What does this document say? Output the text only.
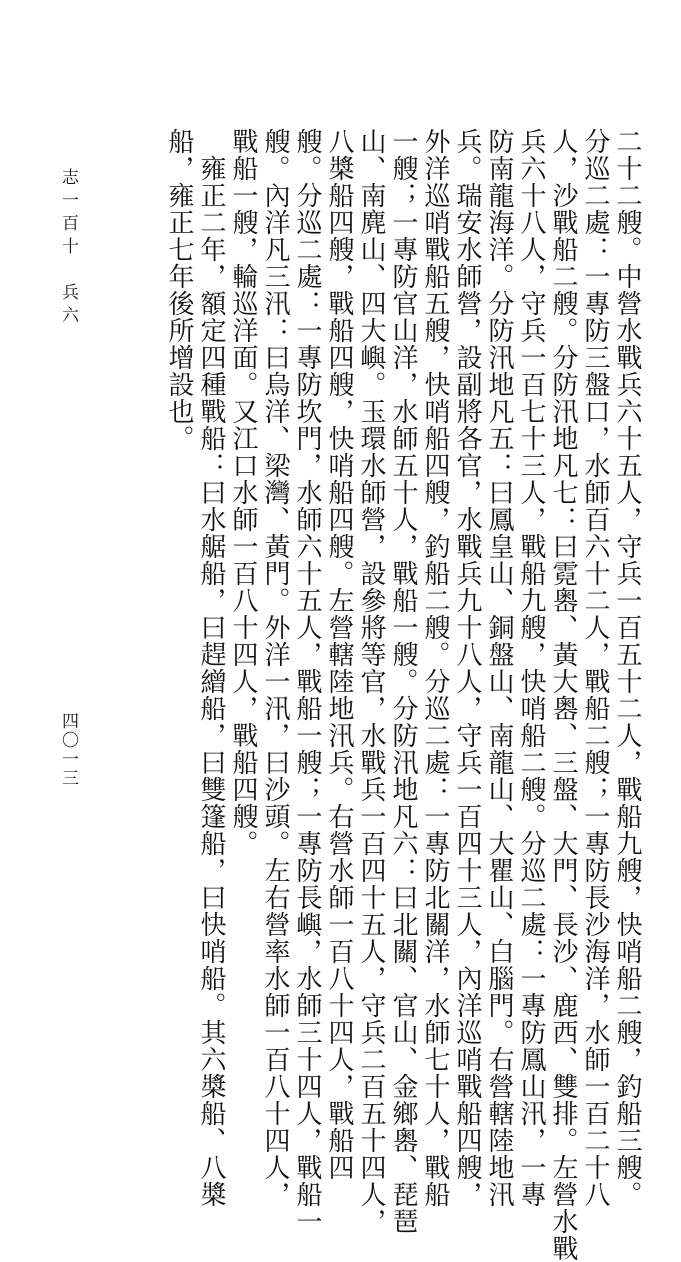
二十二艘。中營水戰兵六十五人，守兵一百五十二人，戰船九艘，快哨船二艘，釣船三艘。
分巡二處：一專防三盤口，水師百六十二人，戰船二艘；一專防長沙海洋，水師一百二十八
人，沙戰船二艘。分防汛地凡七：曰霓嶴、黃大嶴、三盤、大門、長沙、鹿西、雙排。左營水戰
兵六十八人，守兵一百七十三人，戰船九艘，快哨船二艘。分巡二處：一專防鳳山汛，一專
防南龍海洋。分防汛地凡五：曰鳳皇山、銅盤山、南龍山、大瞿山、白腦門。右營轄陸地汛
兵。瑞安水師營，設副將各官，水戰兵九十八人，守兵一百四十三人，內洋巡哨戰船四艘，
外洋巡哨戰船五艘，快哨船四艘，釣船二艘。分巡二處：一專防北關洋，水師七十人，戰船
一艘；一專防官山洋，水師五十人，戰船一艘。分防汛地凡六：曰北關、官山、金鄉嶴、琵琶
山、南麂山、四大嶼。玉環水師營，設參將等官，水戰兵一百四十五人，守兵二百五十四人，
八槳船四艘，戰船四艘，快哨船四艘。左營轄陸地汛兵。右營水師一百八十四人，戰船四
艘。分巡二處：一專防坎門，水師六十五人，戰船一艘；一專防長嶼，水師三十四人，戰船一
艘。內洋凡三汛：曰烏洋、梁灣、黃門。外洋一汛，曰沙頭。左右營率水師一百八十四人，
戰船一艘，輪巡洋面。又江口水師一百八十四人，戰船四艘。
　雍正二年，額定四種戰船：曰水艍船，曰趕繒船，曰雙篷船，曰快哨船。其六槳船、八槳
船，雍正七年後所增設也。
志一百十　兵六
四〇一三
